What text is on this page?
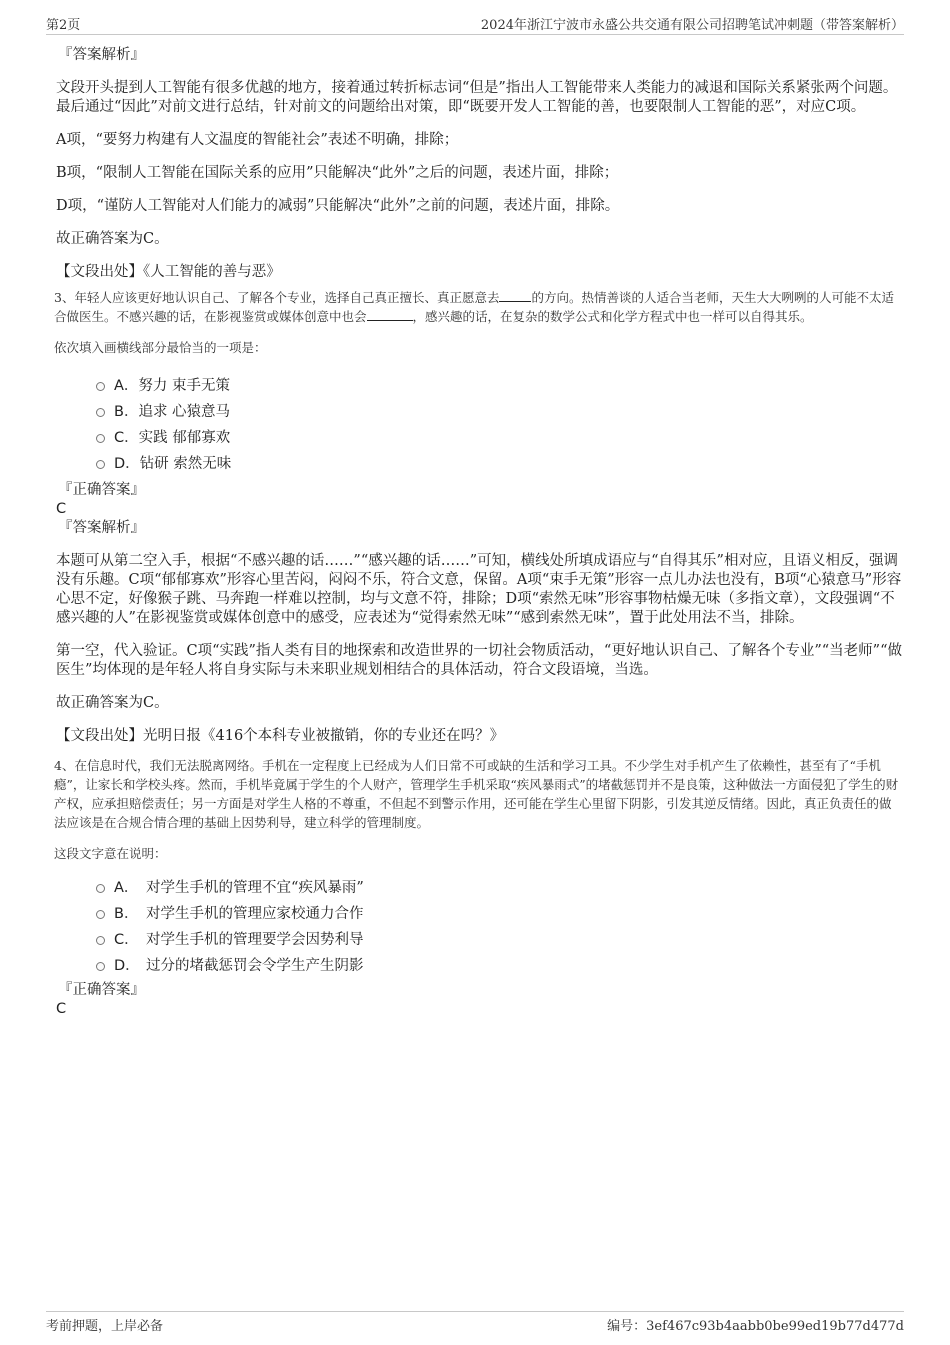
第2页	2024年浙江宁波市永盛公共交通有限公司招聘笔试冲刺题（带答案解析）

『答案解析』

文段开头提到人工智能有很多优越的地方，接着通过转折标志词“但是”指出人工智能带来人类能力的减退和国际关系紧张两个问题。最后通过“因此”对前文进行总结，针对前文的问题给出对策，即“既要开发人工智能的善，也要限制人工智能的恶”，对应C项。

A项，“要努力构建有人文温度的智能社会”表述不明确，排除；

B项，“限制人工智能在国际关系的应用”只能解决“此外”之后的问题，表述片面，排除；

D项，“谨防人工智能对人们能力的减弱”只能解决“此外”之前的问题，表述片面，排除。

故正确答案为C。

【文段出处】《人工智能的善与恶》

3、年轻人应该更好地认识自己、了解各个专业，选择自己真正擅长、真正愿意去	的方向。热情善谈的人适合当老师，天生大大咧咧的人可能不太适合做医生。不感兴趣的话，在影视鉴赏或媒体创意中也会	，感兴趣的话，在复杂的数学公式和化学方程式中也一样可以自得其乐。

依次填入画横线部分最恰当的一项是：

A． 努力 束手无策
B． 追求 心猿意马
C． 实践 郁郁寡欢
D． 钻研 索然无味

『正确答案』

C

『答案解析』

本题可从第二空入手，根据“不感兴趣的话……”“感兴趣的话……”可知，横线处所填成语应与“自得其乐”相对应，且语义相反，强调没有乐趣。C项“郁郁寡欢”形容心里苦闷，闷闷不乐，符合文意，保留。A项“束手无策”形容一点儿办法也没有，B项“心猿意马”形容心思不定，好像猴子跳、马奔跑一样难以控制，均与文意不符，排除；D项“索然无味”形容事物枯燥无味（多指文章），文段强调“不感兴趣的人”在影视鉴赏或媒体创意中的感受，应表述为“觉得索然无味”“感到索然无味”，置于此处用法不当，排除。

第一空，代入验证。C项“实践”指人类有目的地探索和改造世界的一切社会物质活动，“更好地认识自己、了解各个专业”“当老师”“做医生”均体现的是年轻人将自身实际与未来职业规划相结合的具体活动，符合文段语境，当选。

故正确答案为C。

【文段出处】光明日报《416个本科专业被撤销，你的专业还在吗？》

4、在信息时代，我们无法脱离网络。手机在一定程度上已经成为人们日常不可或缺的生活和学习工具。不少学生对手机产生了依赖性，甚至有了“手机瘾”，让家长和学校头疼。然而，手机毕竟属于学生的个人财产，管理学生手机采取“疾风暴雨式”的堵截惩罚并不是良策，这种做法一方面侵犯了学生的财产权，应承担赔偿责任；另一方面是对学生人格的不尊重，不但起不到警示作用，还可能在学生心里留下阴影，引发其逆反情绪。因此，真正负责任的做法应该是在合规合情合理的基础上因势利导，建立科学的管理制度。

这段文字意在说明：

A． 对学生手机的管理不宜“疾风暴雨”
B． 对学生手机的管理应家校通力合作
C． 对学生手机的管理要学会因势利导
D． 过分的堵截惩罚会令学生产生阴影

『正确答案』

C

考前押题，上岸必备	编号：3ef467c93b4aabb0be99ed19b77d477d
